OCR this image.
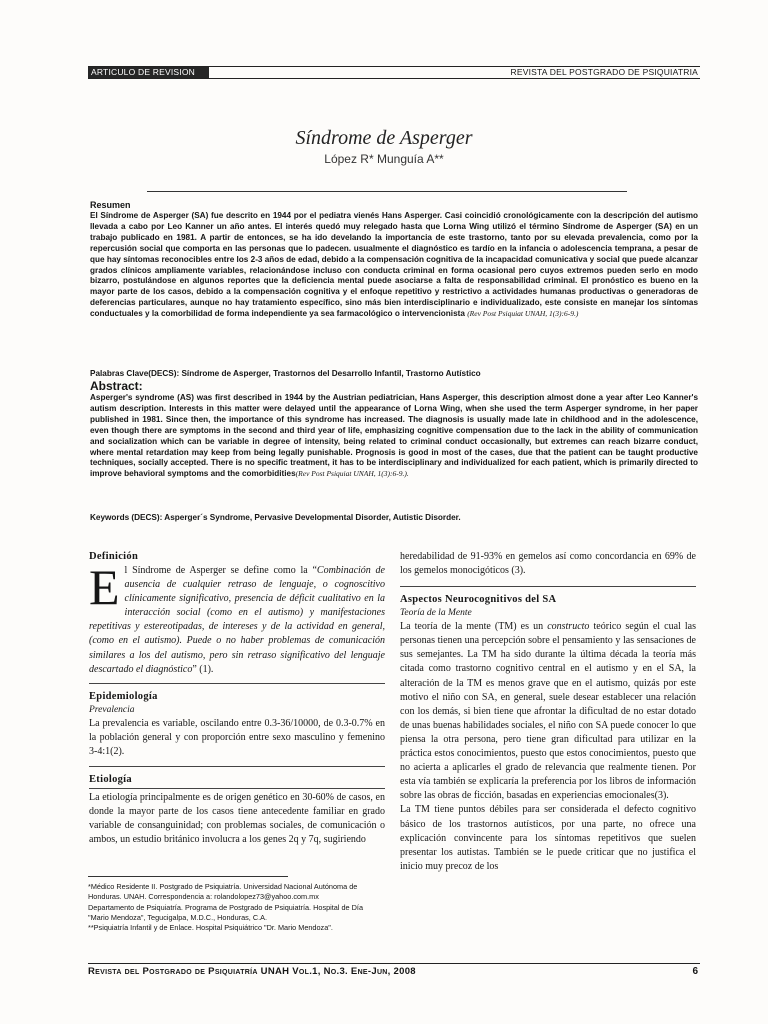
ARTICULO DE REVISION	REVISTA DEL POSTGRADO DE PSIQUIATRIA
Síndrome de Asperger
López R* Munguía A**
Resumen

El Síndrome de Asperger (SA) fue descrito en 1944 por el pediatra vienés Hans Asperger. Casi coincidió cronológicamente con la descripción del autismo llevada a cabo por Leo Kanner un año antes. El interés quedó muy relegado hasta que Lorna Wing utilizó el término Síndrome de Asperger (SA) en un trabajo publicado en 1981. A partir de entonces, se ha ido develando la importancia de este trastorno, tanto por su elevada prevalencia, como por la repercusión social que comporta en las personas que lo padecen. usualmente el diagnóstico es tardío en la infancia o adolescencia temprana, a pesar de que hay síntomas reconocibles entre los 2-3 años de edad, debido a la compensación cognitiva de la incapacidad comunicativa y social que puede alcanzar grados clínicos ampliamente variables, relacionándose incluso con conducta criminal en forma ocasional pero cuyos extremos pueden serlo en modo bizarro, postulándose en algunos reportes que la deficiencia mental puede asociarse a falta de responsabilidad criminal. El pronóstico es bueno en la mayor parte de los casos, debido a la compensación cognitiva y el enfoque repetitivo y restrictivo a actividades humanas productivas o generadoras de deferencias particulares, aunque no hay tratamiento específico, sino más bien interdisciplinario e individualizado, este consiste en manejar los síntomas conductuales y la comorbilidad de forma independiente ya sea farmacológico o intervencionista (Rev Post Psiquiat UNAH, 1(3):6-9.)

Palabras Clave(DECS): Síndrome de Asperger, Trastornos del Desarrollo Infantil, Trastorno Autístico

Abstract:

Asperger's syndrome (AS) was first described in 1944 by the Austrian pediatrician, Hans Asperger, this description almost done a year after Leo Kanner's autism description. Interests in this matter were delayed until the appearance of Lorna Wing, when she used the term Asperger syndrome, in her paper published in 1981. Since then, the importance of this syndrome has increased. The diagnosis is usually made late in childhood and in the adolescence, even though there are symptoms in the second and third year of life, emphasizing cognitive compensation due to the lack in the ability of communication and socialization which can be variable in degree of intensity, being related to criminal conduct occasionally, but extremes can reach bizarre conduct, where mental retardation may keep from being legally punishable. Prognosis is good in most of the cases, due that the patient can be taught productive techniques, socially accepted. There is no specific treatment, it has to be interdisciplinary and individualized for each patient, which is primarily directed to improve behavioral symptoms and the comorbidities(Rev Post Psiquiat UNAH, 1(3):6-9.).

Keywords (DECS): Asperger´s Syndrome, Pervasive Developmental Disorder, Autistic Disorder.

Definición

El Síndrome de Asperger se define como la “Combinación de ausencia de cualquier retraso de lenguaje, o cognoscitivo clínicamente significativo, presencia de déficit cualitativo en la interacción social (como en el autismo) y manifestaciones repetitivas y estereotipadas, de intereses y de la actividad en general, (como en el autismo). Puede o no haber problemas de comunicación similares a los del autismo, pero sin retraso significativo del lenguaje descartado el diagnóstico” (1).

Epidemiología

Prevalencia

La prevalencia es variable, oscilando entre 0.3-36/10000, de 0.3-0.7% en la población general y con proporción entre sexo masculino y femenino 3-4:1(2).

Etiología

La etiología principalmente es de origen genético en 30-60% de casos, en donde la mayor parte de los casos tiene antecedente familiar en grado variable de consanguinidad; con problemas sociales, de comunicación o ambos, un estudio británico involucra a los genes 2q y 7q, sugiriendo

*Médico Residente II. Postgrado de Psiquiatría. Universidad Nacional Autónoma de Honduras. UNAH. Correspondencia a: rolandolopez73@yahoo.com.mx

Departamento de Psiquiatría. Programa de Postgrado de Psiquiatría. Hospital de Día "Mario Mendoza", Tegucigalpa, M.D.C., Honduras, C.A.

**Psiquiatría Infantil y de Enlace. Hospital Psiquiátrico "Dr. Mario Mendoza".

heredabilidad de 91-93% en gemelos así como concordancia en 69% de los gemelos monocigóticos (3).

Aspectos Neurocognitivos del SA

Teoría de la Mente

La teoría de la mente (TM) es un constructo teórico según el cual las personas tienen una percepción sobre el pensamiento y las sensaciones de sus semejantes. La TM ha sido durante la última década la teoría más citada como trastorno cognitivo central en el autismo y en el SA, la alteración de la TM es menos grave que en el autismo, quizás por este motivo el niño con SA, en general, suele desear establecer una relación con los demás, si bien tiene que afrontar la dificultad de no estar dotado de unas buenas habilidades sociales, el niño con SA puede conocer lo que piensa la otra persona, pero tiene gran dificultad para utilizar en la práctica estos conocimientos, puesto que estos conocimientos, puesto que no acierta a aplicarles el grado de relevancia que realmente tienen. Por esta vía también se explicaría la preferencia por los libros de información sobre las obras de ficción, basadas en experiencias emocionales(3).

La TM tiene puntos débiles para ser considerada el defecto cognitivo básico de los trastornos autísticos, por una parte, no ofrece una explicación convincente para los síntomas repetitivos que suelen presentar los autistas. También se le puede criticar que no justifica el inicio muy precoz de los

Revista del Postgrado de Psiquiatría UNAH Vol.1, No.3. Ene-Jun, 2008	6
